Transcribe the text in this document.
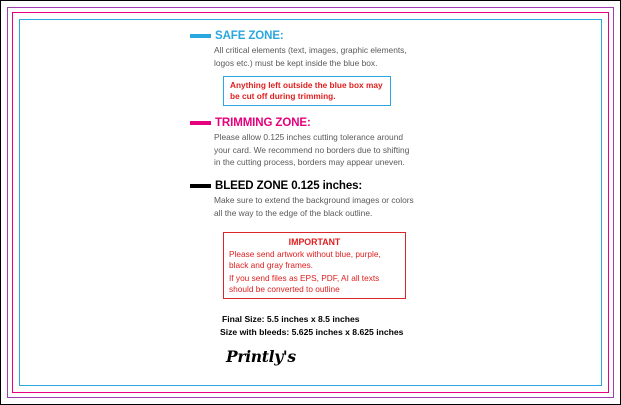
SAFE ZONE:
All critical elements (text, images, graphic elements,
logos etc.) must be kept inside the blue box.
Anything left outside the blue box may
be cut off during trimming.
TRIMMING ZONE:
Please allow 0.125 inches cutting tolerance around
your card. We recommend no borders due to shifting
in the cutting process, borders may appear uneven.
BLEED ZONE 0.125 inches:
Make sure to extend the background images or colors
all the way to the edge of the black outline.
IMPORTANT
Please send artwork without blue, purple,
black and gray frames.
If you send files as EPS, PDF, AI all texts
should be converted to outline
Final Size: 5.5 inches x 8.5 inches
Size with bleeds: 5.625 inches x 8.625 inches
Printly's
